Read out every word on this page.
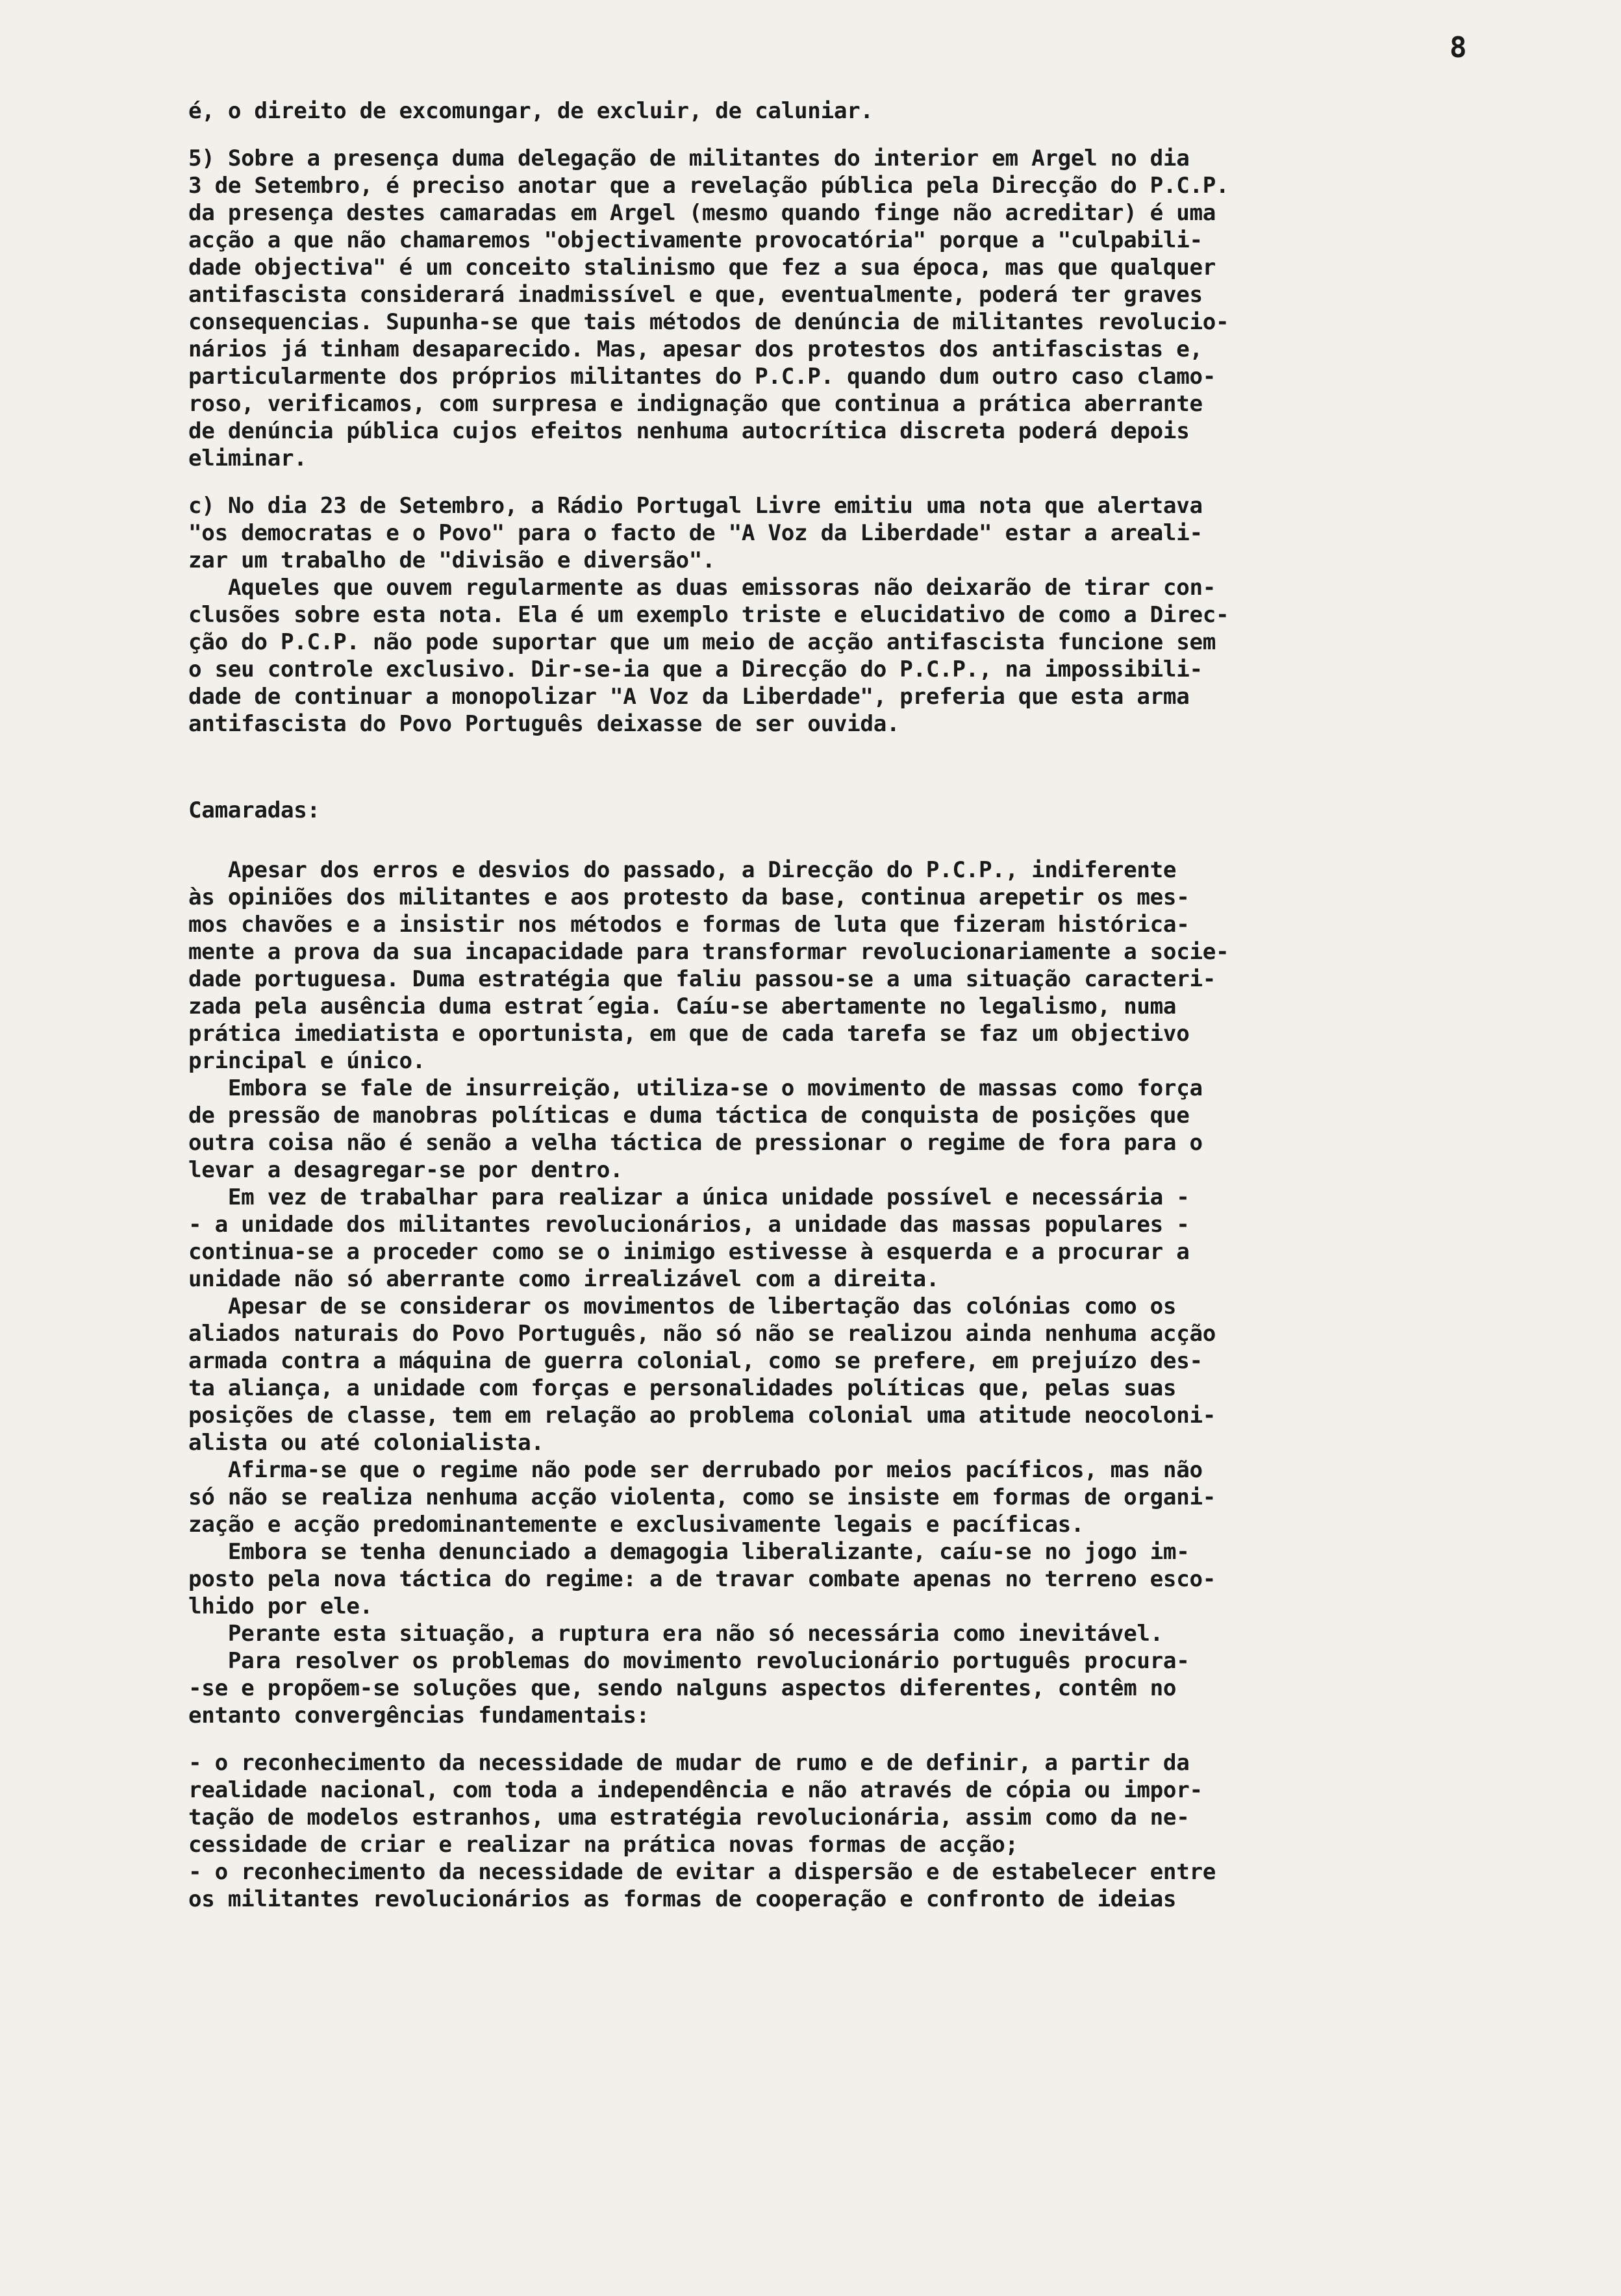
8
é, o direito de excomungar, de excluir, de caluniar.
5) Sobre a presença duma delegação de militantes do interior em Argel no dia
3 de Setembro, é preciso anotar que a revelação pública pela Direcção do P.C.P.
da presença destes camaradas em Argel (mesmo quando finge não acreditar) é uma
acção a que não chamaremos "objectivamente provocatória" porque a "culpabili-
dade objectiva" é um conceito stalinismo que fez a sua época, mas que qualquer
antifascista considerará inadmissível e que, eventualmente, poderá ter graves
consequencias. Supunha-se que tais métodos de denúncia de militantes revolucio-
nários já tinham desaparecido. Mas, apesar dos protestos dos antifascistas e,
particularmente dos próprios militantes do P.C.P. quando dum outro caso clamo-
roso, verificamos, com surpresa e indignação que continua a prática aberrante
de denúncia pública cujos efeitos nenhuma autocrítica discreta poderá depois
eliminar.
c) No dia 23 de Setembro, a Rádio Portugal Livre emitiu uma nota que alertava
"os democratas e o Povo" para o facto de "A Voz da Liberdade" estar a areali-
zar um trabalho de "divisão e diversão".
Aqueles que ouvem regularmente as duas emissoras não deixarão de tirar con-
clusões sobre esta nota. Ela é um exemplo triste e elucidativo de como a Direc-
ção do P.C.P. não pode suportar que um meio de acção antifascista funcione sem
o seu controle exclusivo. Dir-se-ia que a Direcção do P.C.P., na impossibili-
dade de continuar a monopolizar "A Voz da Liberdade", preferia que esta arma
antifascista do Povo Português deixasse de ser ouvida.
Camaradas:
Apesar dos erros e desvios do passado, a Direcção do P.C.P., indiferente
às opiniões dos militantes e aos protesto da base, continua arepetir os mes-
mos chavões e a insistir nos métodos e formas de luta que fizeram históricа-
mente a prova da sua incapacidade para transformar revolucionariamente a socie-
dade portuguesa. Duma estratégia que faliu passou-se a uma situação caracteri-
zada pela ausência duma estrat´egia. Caíu-se abertamente no legalismo, numa
prática imediatista e oportunista, em que de cada tarefa se faz um objectivo
principal e único.
Embora se fale de insurreição, utiliza-se o movimento de massas como força
de pressão de manobras políticas e duma táctica de conquista de posições que
outra coisa não é senão a velha táctica de pressionar o regime de fora para o
levar a desagregar-se por dentro.
Em vez de trabalhar para realizar a única unidade possível e necessária -
- a unidade dos militantes revolucionários, a unidade das massas populares -
continua-se a proceder como se o inimigo estivesse à esquerda e a procurar a
unidade não só aberrante como irrealizável com a direita.
Apesar de se considerar os movimentos de libertação das colónias como os
aliados naturais do Povo Português, não só não se realizou ainda nenhuma acção
armada contra a máquina de guerra colonial, como se prefere, em prejuízo des-
ta aliança, a unidade com forças e personalidades políticas que, pelas suas
posições de classe, tem em relação ao problema colonial uma atitude neocoloni-
alista ou até colonialista.
Afirma-se que o regime não pode ser derrubado por meios pacíficos, mas não
só não se realiza nenhuma acção violenta, como se insiste em formas de organi-
zação e acção predominantemente e exclusivamente legais e pacíficas.
Embora se tenha denunciado a demagogia liberalizante, caíu-se no jogo im-
posto pela nova táctica do regime: a de travar combate apenas no terreno esco-
lhido por ele.
Perante esta situação, a ruptura era não só necessária como inevitável.
Para resolver os problemas do movimento revolucionário português procura-
-se e propõem-se soluções que, sendo nalguns aspectos diferentes, contêm no
entanto convergências fundamentais:
- o reconhecimento da necessidade de mudar de rumo e de definir, a partir da
realidade nacional, com toda a independência e não através de cópia ou impor-
tação de modelos estranhos, uma estratégia revolucionária, assim como da ne-
cessidade de criar e realizar na prática novas formas de acção;
- o reconhecimento da necessidade de evitar a dispersão e de estabelecer entre
os militantes revolucionários as formas de cooperação e confronto de ideias
